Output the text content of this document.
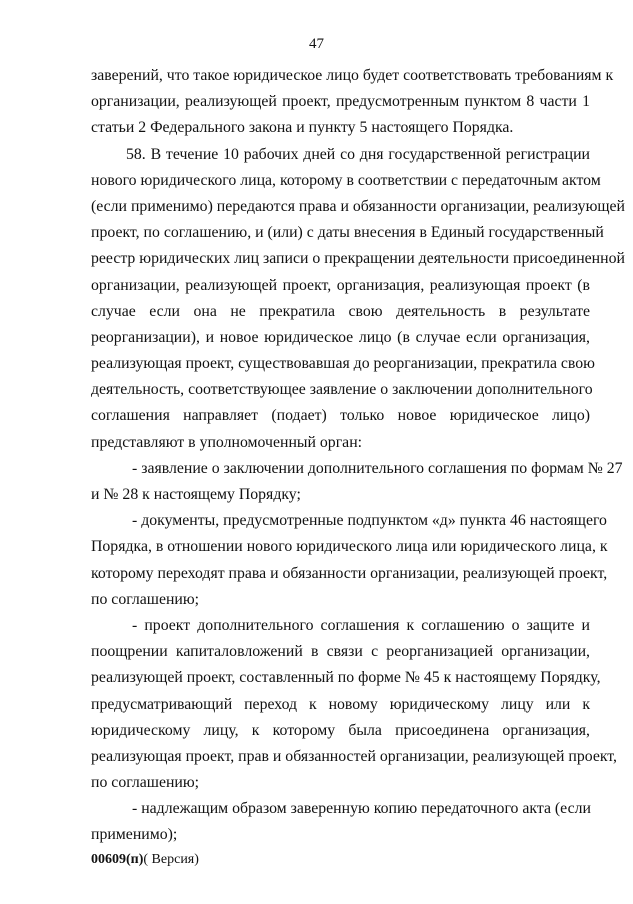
47
заверений, что такое юридическое лицо будет соответствовать требованиям к
организации, реализующей проект, предусмотренным пунктом 8 части 1
статьи 2 Федерального закона и пункту 5 настоящего Порядка.
58. В течение 10 рабочих дней со дня государственной регистрации
нового юридического лица, которому в соответствии с передаточным актом
(если применимо) передаются права и обязанности организации, реализующей
проект, по соглашению, и (или) с даты внесения в Единый государственный
реестр юридических лиц записи о прекращении деятельности присоединенной
организации, реализующей проект, организация, реализующая проект (в
случае если она не прекратила свою деятельность в результате
реорганизации), и новое юридическое лицо (в случае если организация,
реализующая проект, существовавшая до реорганизации, прекратила свою
деятельность, соответствующее заявление о заключении дополнительного
соглашения направляет (подает) только новое юридическое лицо)
представляют в уполномоченный орган:
- заявление о заключении дополнительного соглашения по формам № 27
и № 28 к настоящему Порядку;
- документы, предусмотренные подпунктом «д» пункта 46 настоящего
Порядка, в отношении нового юридического лица или юридического лица, к
которому переходят права и обязанности организации, реализующей проект,
по соглашению;
- проект дополнительного соглашения к соглашению о защите и
поощрении капиталовложений в связи с реорганизацией организации,
реализующей проект, составленный по форме № 45 к настоящему Порядку,
предусматривающий переход к новому юридическому лицу или к
юридическому лицу, к которому была присоединена организация,
реализующая проект, прав и обязанностей организации, реализующей проект,
по соглашению;
- надлежащим образом заверенную копию передаточного акта (если
применимо);
00609(п)( Версия)
